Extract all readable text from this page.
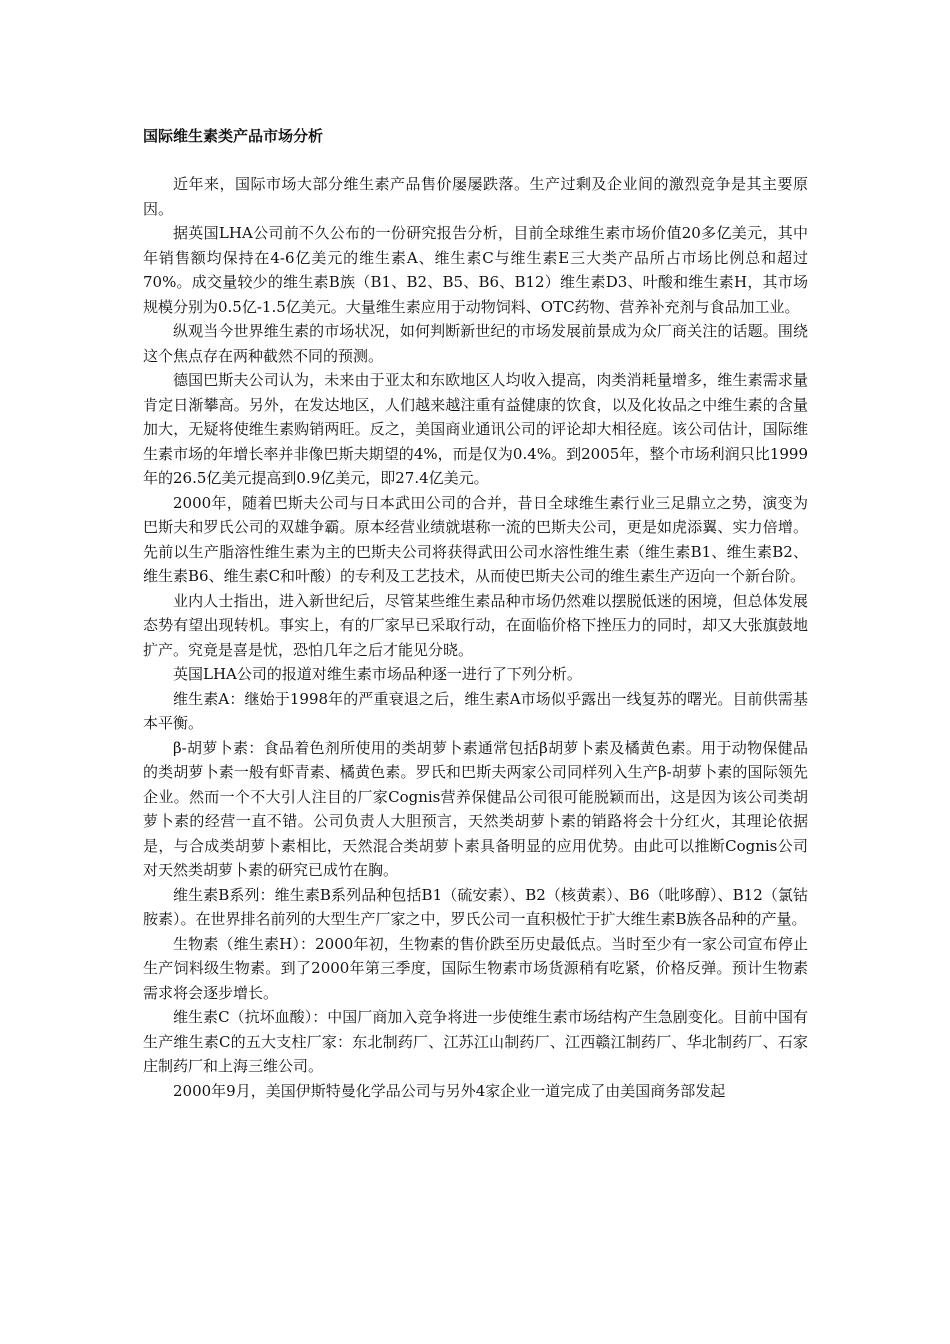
国际维生素类产品市场分析

近年来，国际市场大部分维生素产品售价屡屡跌落。生产过剩及企业间的激烈竞争是其主要原因。

据英国LHA公司前不久公布的一份研究报告分析，目前全球维生素市场价值20多亿美元，其中年销售额均保持在4-6亿美元的维生素A、维生素C与维生素E三大类产品所占市场比例总和超过70%。成交量较少的维生素B族（B1、B2、B5、B6、B12）维生素D3、叶酸和维生素H，其市场规模分别为0.5亿-1.5亿美元。大量维生素应用于动物饲料、OTC药物、营养补充剂与食品加工业。

纵观当今世界维生素的市场状况，如何判断新世纪的市场发展前景成为众厂商关注的话题。围绕这个焦点存在两种截然不同的预测。

德国巴斯夫公司认为，未来由于亚太和东欧地区人均收入提高，肉类消耗量增多，维生素需求量肯定日渐攀高。另外，在发达地区，人们越来越注重有益健康的饮食，以及化妆品之中维生素的含量加大，无疑将使维生素购销两旺。反之，美国商业通讯公司的评论却大相径庭。该公司估计，国际维生素市场的年增长率并非像巴斯夫期望的4%，而是仅为0.4%。到2005年，整个市场利润只比1999年的26.5亿美元提高到0.9亿美元，即27.4亿美元。

2000年，随着巴斯夫公司与日本武田公司的合并，昔日全球维生素行业三足鼎立之势，演变为巴斯夫和罗氏公司的双雄争霸。原本经营业绩就堪称一流的巴斯夫公司，更是如虎添翼、实力倍增。先前以生产脂溶性维生素为主的巴斯夫公司将获得武田公司水溶性维生素（维生素B1、维生素B2、维生素B6、维生素C和叶酸）的专利及工艺技术，从而使巴斯夫公司的维生素生产迈向一个新台阶。

业内人士指出，进入新世纪后，尽管某些维生素品种市场仍然难以摆脱低迷的困境，但总体发展态势有望出现转机。事实上，有的厂家早已采取行动，在面临价格下挫压力的同时，却又大张旗鼓地扩产。究竟是喜是忧，恐怕几年之后才能见分晓。

英国LHA公司的报道对维生素市场品种逐一进行了下列分析。

维生素A：继始于1998年的严重衰退之后，维生素A市场似乎露出一线复苏的曙光。目前供需基本平衡。

β-胡萝卜素：食品着色剂所使用的类胡萝卜素通常包括β胡萝卜素及橘黄色素。用于动物保健品的类胡萝卜素一般有虾青素、橘黄色素。罗氏和巴斯夫两家公司同样列入生产β-胡萝卜素的国际领先企业。然而一个不大引人注目的厂家Cognis营养保健品公司很可能脱颖而出，这是因为该公司类胡萝卜素的经营一直不错。公司负责人大胆预言，天然类胡萝卜素的销路将会十分红火，其理论依据是，与合成类胡萝卜素相比，天然混合类胡萝卜素具备明显的应用优势。由此可以推断Cognis公司对天然类胡萝卜素的研究已成竹在胸。

维生素B系列：维生素B系列品种包括B1（硫安素）、B2（核黄素）、B6（吡哆醇）、B12（氯钴胺素）。在世界排名前列的大型生产厂家之中，罗氏公司一直积极忙于扩大维生素B族各品种的产量。

生物素（维生素H）：2000年初，生物素的售价跌至历史最低点。当时至少有一家公司宣布停止生产饲料级生物素。到了2000年第三季度，国际生物素市场货源稍有吃紧，价格反弹。预计生物素需求将会逐步增长。

维生素C（抗坏血酸）：中国厂商加入竞争将进一步使维生素市场结构产生急剧变化。目前中国有生产维生素C的五大支柱厂家：东北制药厂、江苏江山制药厂、江西赣江制药厂、华北制药厂、石家庄制药厂和上海三维公司。

2000年9月，美国伊斯特曼化学品公司与另外4家企业一道完成了由美国商务部发起
